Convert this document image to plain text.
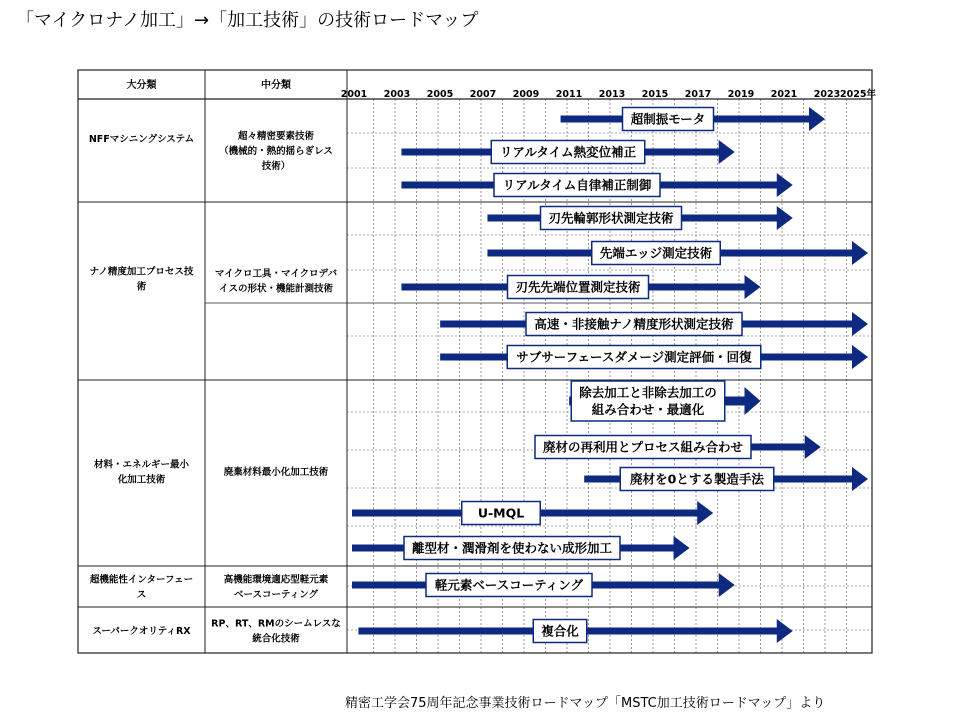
「マイクロナノ加工」→「加工技術」の技術ロードマップ
大分類	中分類
2001 2003 2005 2007 2009 2011 2013 2015 2017 2019 2021 2023 2025年
NFFマシニングシステム	超々精密要素技術
（機械的・熱的揺らぎレス
技術）
ナノ精度加工プロセス技
術
マイクロ工具・マイクロデバ
イスの形状・機能計測技術
材料・エネルギー最小
化加工技術
廃棄材料最小化加工技術
超機能性インターフェー
ス
高機能環境適応型軽元素
ベースコーティング
スーパークオリティRX
RP、RT、RMのシームレスな
統合化技術
超制振モータ
リアルタイム熱変位補正
リアルタイム自律補正制御
刃先輪郭形状測定技術
先端エッジ測定技術
刃先先端位置測定技術
高速・非接触ナノ精度形状測定技術
サブサーフェースダメージ測定評価・回復
除去加工と非除去加工の
組み合わせ・最適化
廃材の再利用とプロセス組み合わせ
廃材を0とする製造手法
U-MQL
離型材・潤滑剤を使わない成形加工
軽元素ベースコーティング
複合化
精密工学会75周年記念事業技術ロードマップ「MSTC加工技術ロードマップ」より
